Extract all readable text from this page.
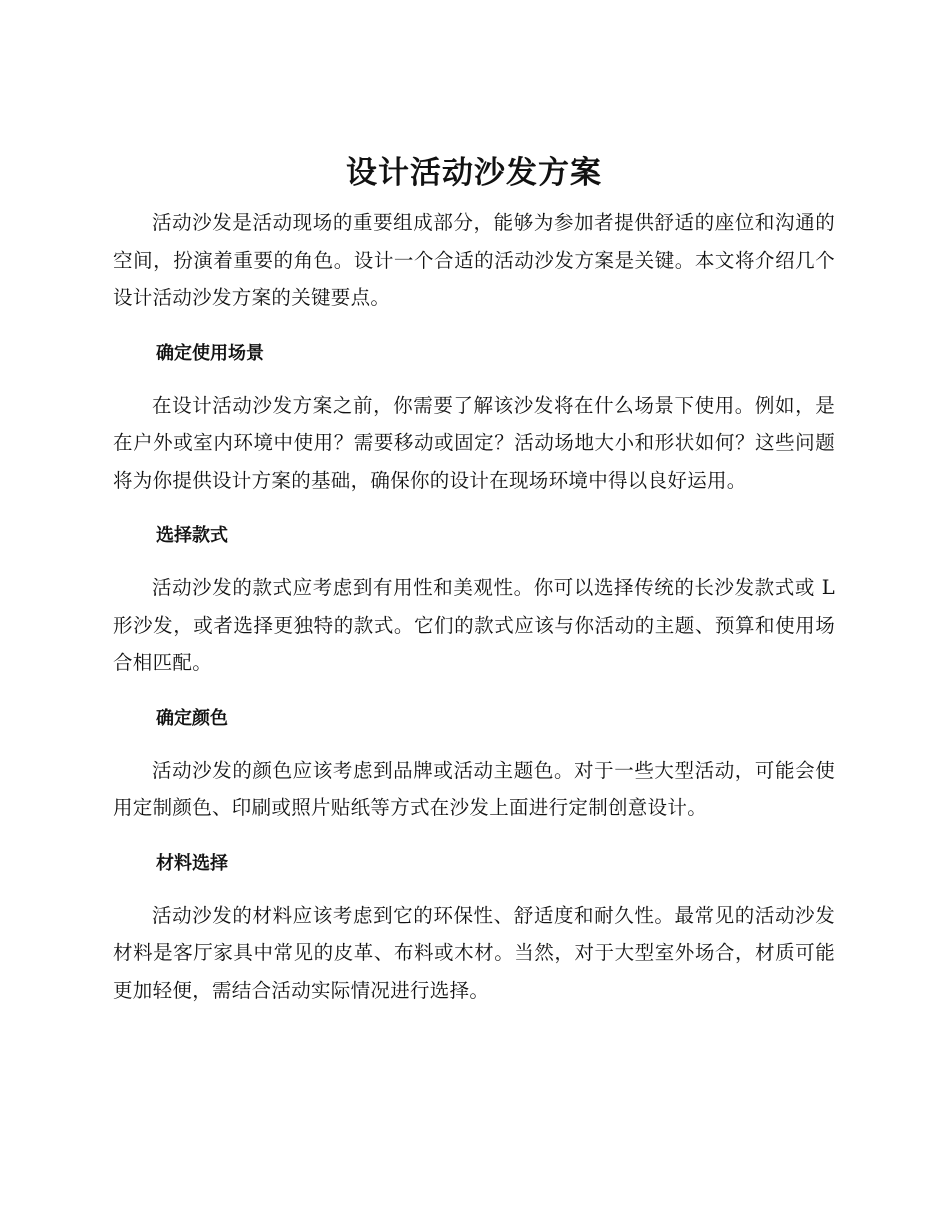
设计活动沙发方案

活动沙发是活动现场的重要组成部分，能够为参加者提供舒适的座位和沟通的空间，扮演着重要的角色。设计一个合适的活动沙发方案是关键。本文将介绍几个设计活动沙发方案的关键要点。

确定使用场景

在设计活动沙发方案之前，你需要了解该沙发将在什么场景下使用。例如，是在户外或室内环境中使用？需要移动或固定？活动场地大小和形状如何？这些问题将为你提供设计方案的基础，确保你的设计在现场环境中得以良好运用。

选择款式

活动沙发的款式应考虑到有用性和美观性。你可以选择传统的长沙发款式或 L 形沙发，或者选择更独特的款式。它们的款式应该与你活动的主题、预算和使用场合相匹配。

确定颜色

活动沙发的颜色应该考虑到品牌或活动主题色。对于一些大型活动，可能会使用定制颜色、印刷或照片贴纸等方式在沙发上面进行定制创意设计。

材料选择

活动沙发的材料应该考虑到它的环保性、舒适度和耐久性。最常见的活动沙发材料是客厅家具中常见的皮革、布料或木材。当然，对于大型室外场合，材质可能更加轻便，需结合活动实际情况进行选择。
